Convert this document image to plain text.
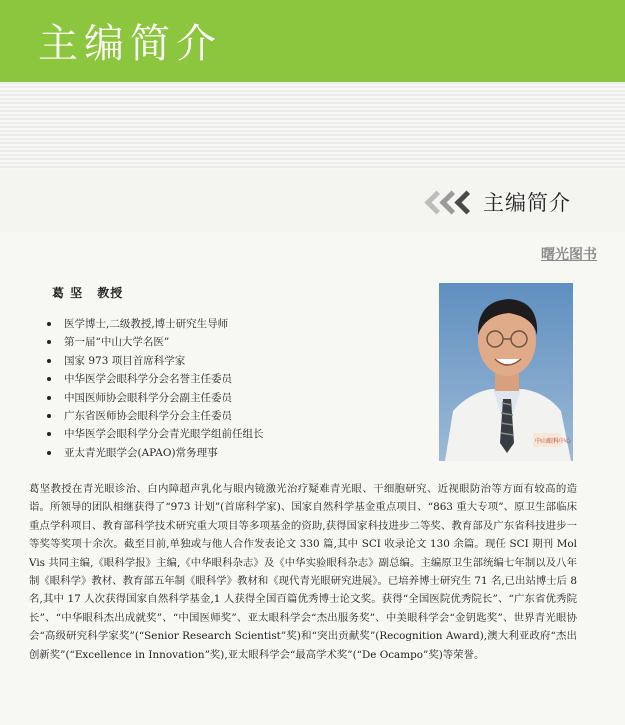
主编简介
主编简介
曙光图书
葛 坚 教授
医学博士,二级教授,博士研究生导师
第一届“中山大学名医”
国家 973 项目首席科学家
中华医学会眼科学分会名誉主任委员
中国医师协会眼科学分会副主任委员
广东省医师协会眼科学分会主任委员
中华医学会眼科学分会青光眼学组前任组长
亚太青光眼学会(APAO)常务理事
中山眼科中心

葛坚教授在青光眼诊治、白内障超声乳化与眼内镜激光治疗疑难青光眼、干细胞研究、近视眼防治等方面有较高的造诣。所领导的团队相继获得了“973 计划”(首席科学家)、国家自然科学基金重点项目、“863 重大专项”、原卫生部临床重点学科项目、教育部科学技术研究重大项目等多项基金的资助,获得国家科技进步二等奖、教育部及广东省科技进步一等奖等奖项十余次。截至目前,单独或与他人合作发表论文 330 篇,其中 SCI 收录论文 130 余篇。现任 SCI 期刊 Mol Vis 共同主编,《眼科学报》主编,《中华眼科杂志》及《中华实验眼科杂志》副总编。主编原卫生部统编七年制以及八年制《眼科学》教材、教育部五年制《眼科学》教材和《现代青光眼研究进展》。已培养博士研究生 71 名,已出站博士后 8 名,其中 17 人次获得国家自然科学基金,1 人获得全国百篇优秀博士论文奖。获得“全国医院优秀院长”、“广东省优秀院长”、“中华眼科杰出成就奖”、“中国医师奖”、亚太眼科学会“杰出服务奖”、中美眼科学会“金钥匙奖”、世界青光眼协会“高级研究科学家奖”(“Senior Research Scientist”奖)和“突出贡献奖”(Recognition Award),澳大利亚政府“杰出创新奖”(“Excellence in Innovation”奖),亚太眼科学会“最高学术奖”(“De Ocampo”奖)等荣誉。
